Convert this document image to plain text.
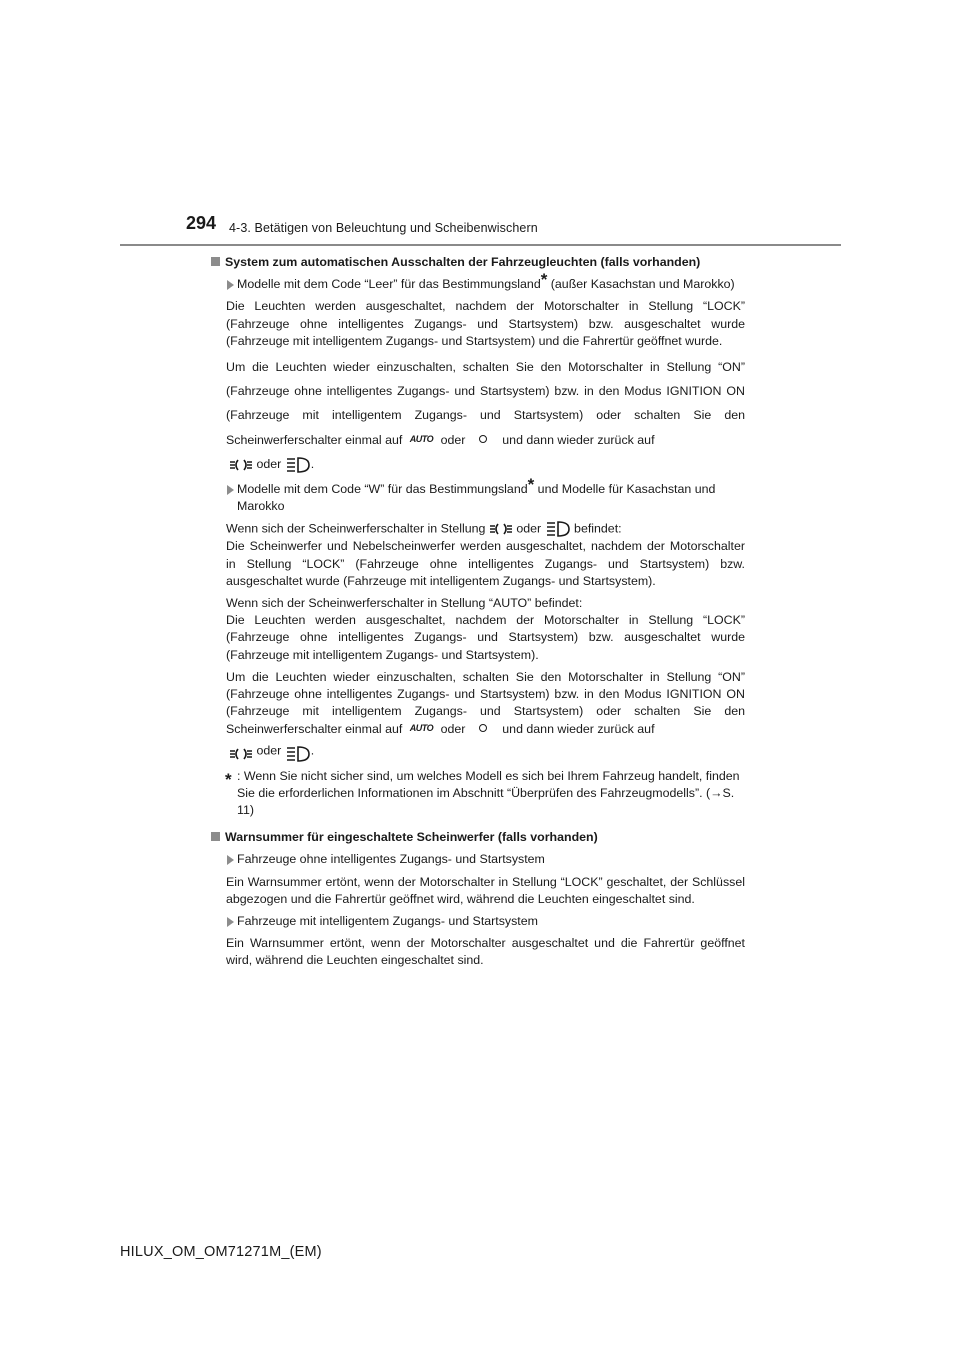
294 4-3. Betätigen von Beleuchtung und Scheibenwischern

System zum automatischen Ausschalten der Fahrzeugleuchten (falls vorhanden)

Modelle mit dem Code “Leer” für das Bestimmungsland* (außer Kasachstan und Marokko)

Die Leuchten werden ausgeschaltet, nachdem der Motorschalter in Stellung “LOCK” (Fahrzeuge ohne intelligentes Zugangs- und Startsystem) bzw. ausgeschaltet wurde (Fahrzeuge mit intelligentem Zugangs- und Startsystem) und die Fahrertür geöffnet wurde.

Um die Leuchten wieder einzuschalten, schalten Sie den Motorschalter in Stellung “ON” (Fahrzeuge ohne intelligentes Zugangs- und Startsystem) bzw. in den Modus IGNITION ON (Fahrzeuge mit intelligentem Zugangs- und Startsystem) oder schalten Sie den Scheinwerferschalter einmal auf AUTO oder	und dann wieder zurück auf
oder .

Modelle mit dem Code “W” für das Bestimmungsland* und Modelle für Kasachstan und Marokko

Wenn sich der Scheinwerferschalter in Stellung oder	befindet:
Die Scheinwerfer und Nebelscheinwerfer werden ausgeschaltet, nachdem der Motorschalter in Stellung “LOCK” (Fahrzeuge ohne intelligentes Zugangs- und Startsystem) bzw. ausgeschaltet wurde (Fahrzeuge mit intelligentem Zugangs- und Startsystem).

Wenn sich der Scheinwerferschalter in Stellung “AUTO” befindet:
Die Leuchten werden ausgeschaltet, nachdem der Motorschalter in Stellung “LOCK” (Fahrzeuge ohne intelligentes Zugangs- und Startsystem) bzw. ausgeschaltet wurde (Fahrzeuge mit intelligentem Zugangs- und Startsystem).

Um die Leuchten wieder einzuschalten, schalten Sie den Motorschalter in Stellung “ON” (Fahrzeuge ohne intelligentes Zugangs- und Startsystem) bzw. in den Modus IGNITION ON (Fahrzeuge mit intelligentem Zugangs- und Startsystem) oder schalten Sie den Scheinwerferschalter einmal auf AUTO oder	und dann wieder zurück auf
oder .

* : Wenn Sie nicht sicher sind, um welches Modell es sich bei Ihrem Fahrzeug handelt, finden Sie die erforderlichen Informationen im Abschnitt “Überprüfen des Fahrzeugmodells”. (→S. 11)

Warnsummer für eingeschaltete Scheinwerfer (falls vorhanden)

Fahrzeuge ohne intelligentes Zugangs- und Startsystem

Ein Warnsummer ertönt, wenn der Motorschalter in Stellung “LOCK” geschaltet, der Schlüssel abgezogen und die Fahrertür geöffnet wird, während die Leuchten eingeschaltet sind.

Fahrzeuge mit intelligentem Zugangs- und Startsystem

Ein Warnsummer ertönt, wenn der Motorschalter ausgeschaltet und die Fahrertür geöffnet wird, während die Leuchten eingeschaltet sind.

HILUX_OM_OM71271M_(EM)
